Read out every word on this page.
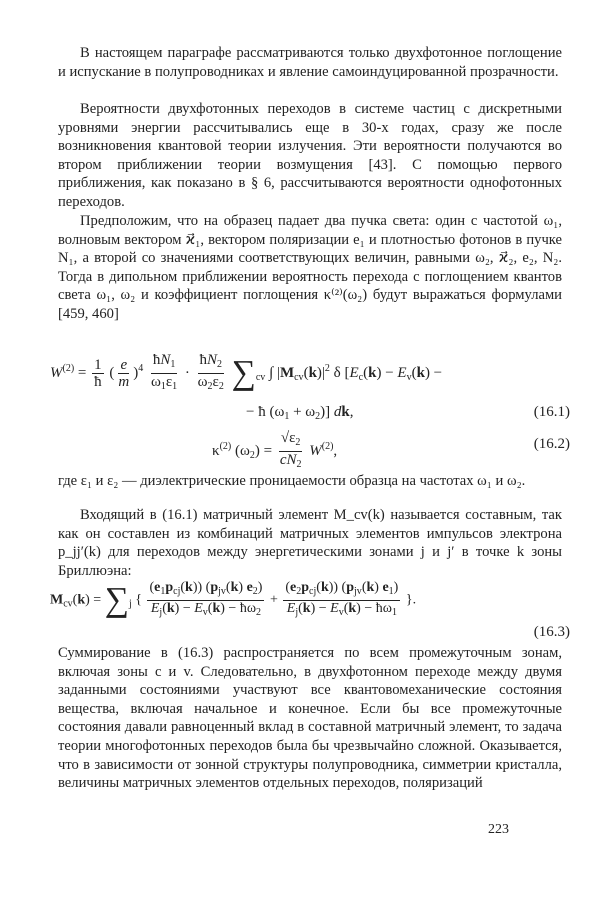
В настоящем параграфе рассматриваются только двухфотонное поглощение и испускание в полупроводниках и явление самоиндуцированной прозрачности.

Вероятности двухфотонных переходов в системе частиц с дискретными уровнями энергии рассчитывались еще в 30-х годах, сразу же после возникновения квантовой теории излучения. Эти вероятности получаются во втором приближении теории возмущения [43]. С помощью первого приближения, как показано в § 6, рассчитываются вероятности однофотонных переходов.

Предположим, что на образец падает два пучка света: один с частотой ω₁, волновым вектором ϰ⃗₁, вектором поляризации e₁ и плотностью фотонов в пучке N₁, а второй со значениями соответствующих величин, равными ω₂, ϰ⃗₂, e₂, N₂. Тогда в дипольном приближении вероятность перехода с поглощением квантов света ω₁, ω₂ и коэффициент поглощения κ⁽²⁾(ω₂) будут выражаться формулами [459, 460]

$W^{(2)} = \frac{1}{ħ}$ ( $\frac{e}{m} )^4 \frac{ħN_1}{\omega_1\varepsilon_1} \cdot \frac{ħN_2}{\omega_2\varepsilon_2} \sum_{cv}$ ∫ $|M_{cv}(k)|^2$ δ [$E_c(k) - E_v(k)$ −
− ħ $(\omega_1 + \omega_2)$] dk,	(16.1)
$\kappa^{(2)}$ $(\omega_2) = \frac{√\varepsilon_2}{cN_2} W^{(2)}$,	(16.2)

где ε₁ и ε₂ — диэлектрические проницаемости образца на частотах ω₁ и ω₂.

Входящий в (16.1) матричный элемент M_cv(k) называется составным, так как он составлен из комбинаций матричных элементов импульсов электрона p_jj′(k) для переходов между энергетическими зонами j и j′ в точке k зоны Бриллюэна:

$M_{cv}(k) = \sum_j$ { $\frac{(e_1p_{cj}(k)) (p_{jv}(k) e_2)}{E_j(k) - E_v(k) - ħ\omega_2} + \frac{(e_2p_{cj}(k)) (p_{jv}(k) e_1)}{E_j(k) - E_v(k) - ħ\omega_1}$ }.
(16.3)

Суммирование в (16.3) распространяется по всем промежуточным зонам, включая зоны c и v. Следовательно, в двухфотонном переходе между двумя заданными состояниями участвуют все квантовомеханические состояния вещества, включая начальное и конечное. Если бы все промежуточные состояния давали равноценный вклад в составной матричный элемент, то задача теории многофотонных переходов была бы чрезвычайно сложной. Оказывается, что в зависимости от зонной структуры полупроводника, симметрии кристалла, величины матричных элементов отдельных переходов, поляризаций

223
